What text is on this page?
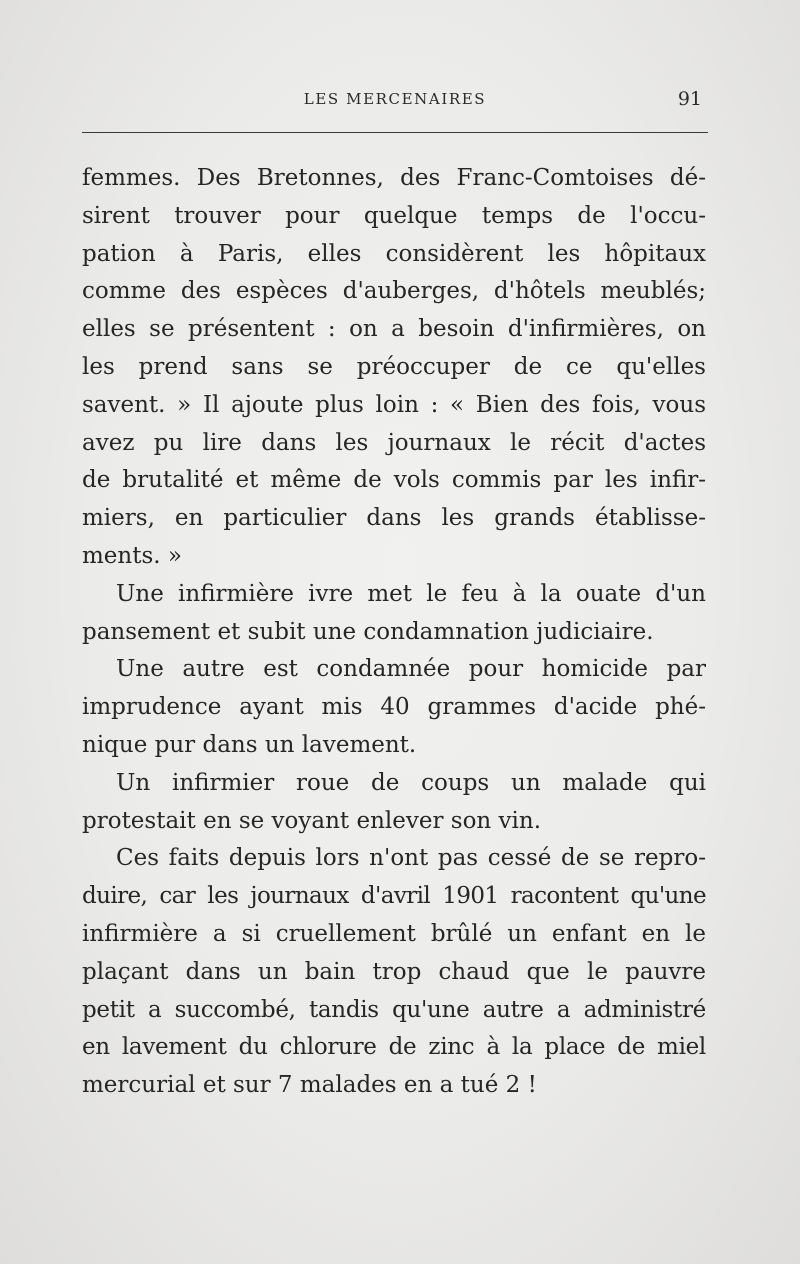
LES MERCENAIRES	91

femmes. Des Bretonnes, des Franc-Comtoises dé-

sirent trouver pour quelque temps de l'occu-

pation à Paris, elles considèrent les hôpitaux

comme des espèces d'auberges, d'hôtels meublés;

elles se présentent : on a besoin d'infirmières, on

les prend sans se préoccuper de ce qu'elles

savent. » Il ajoute plus loin : « Bien des fois, vous

avez pu lire dans les journaux le récit d'actes

de brutalité et même de vols commis par les infir-

miers, en particulier dans les grands établisse-

ments. »

Une infirmière ivre met le feu à la ouate d'un

pansement et subit une condamnation judiciaire.

Une autre est condamnée pour homicide par

imprudence ayant mis 40 grammes d'acide phé-

nique pur dans un lavement.

Un infirmier roue de coups un malade qui

protestait en se voyant enlever son vin.

Ces faits depuis lors n'ont pas cessé de se repro-

duire, car les journaux d'avril 1901 racontent qu'une

infirmière a si cruellement brûlé un enfant en le

plaçant dans un bain trop chaud que le pauvre

petit a succombé, tandis qu'une autre a administré

en lavement du chlorure de zinc à la place de miel

mercurial et sur 7 malades en a tué 2 !
